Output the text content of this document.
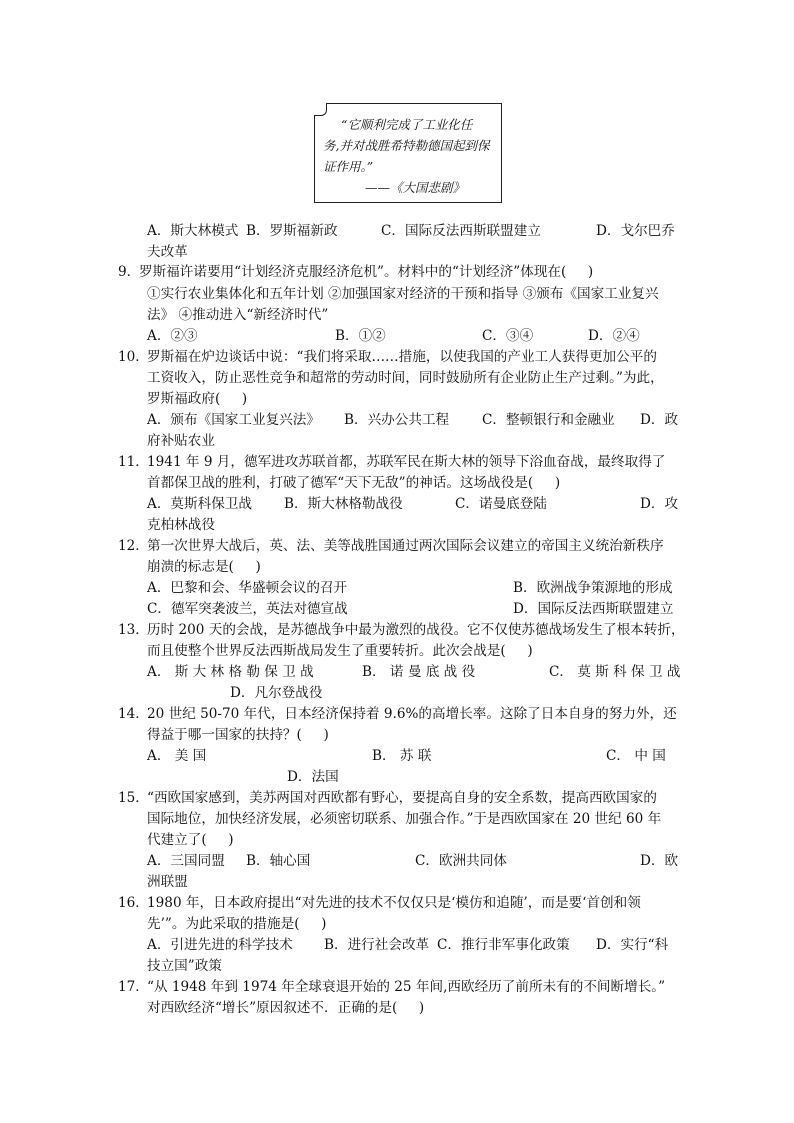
“它顺利完成了工业化任
务,并对战胜希特勒德国起到保
证作用。”
——《大国悲剧》
A．斯大林模式 B．罗斯福新政	C．国际反法西斯联盟建立	D．戈尔巴乔
夫改革
9．
罗斯福许诺要用“计划经济克服经济危机”。材料中的“计划经济”体现在(     )
①实行农业集体化和五年计划 ②加强国家对经济的干预和指导 ③颁布《国家工业复兴
法》 ④推动进入“新经济时代”
A．②③	B．①②	C．③④	D．②④
10．
罗斯福在炉边谈话中说：“我们将采取……措施，以使我国的产业工人获得更加公平的
工资收入，防止恶性竞争和超常的劳动时间，同时鼓励所有企业防止生产过剩。”为此，
罗斯福政府(     )
A．颁布《国家工业复兴法》 B．兴办公共工程 C．整顿银行和金融业 D．政
府补贴农业
11．
1941 年 9 月，德军进攻苏联首都，苏联军民在斯大林的领导下浴血奋战，最终取得了
首都保卫战的胜利，打破了德军“天下无敌”的神话。这场战役是(     )
A．莫斯科保卫战 B．斯大林格勒战役	C．诺曼底登陆	D．攻
克柏林战役
12．
第一次世界大战后，英、法、美等战胜国通过两次国际会议建立的帝国主义统治新秩序
崩溃的标志是(     )
A．巴黎和会、华盛顿会议的召开	B．欧洲战争策源地的形成
C．德军突袭波兰，英法对德宣战	D．国际反法西斯联盟建立
13．
历时 200 天的会战，是苏德战争中最为激烈的战役。它不仅使苏德战场发生了根本转折，
而且使整个世界反法西斯战局发生了重要转折。此次会战是(     )
A． 斯 大 林 格 勒 保 卫 战	B． 诺 曼 底 战 役	C． 莫 斯 科 保 卫 战
D．凡尔登战役
14．
20 世纪 50-70 年代，日本经济保持着 9.6%的高增长率。这除了日本自身的努力外，还
得益于哪一国家的扶持？(     )
A． 美 国	B． 苏 联	C． 中 国
D．法国
15．
“西欧国家感到，美苏两国对西欧都有野心，要提高自身的安全系数，提高西欧国家的
国际地位，加快经济发展，必须密切联系、加强合作。”于是西欧国家在 20 世纪 60 年
代建立了(     )
A．三国同盟 B．轴心国	C．欧洲共同体	D．欧
洲联盟
16．
1980 年，日本政府提出“对先进的技术不仅仅只是‘模仿和追随’，而是要‘首创和领
先’”。为此采取的措施是(     )
A．引进先进的科学技术 B．进行社会改革 C．推行非军事化政策 D．实行“科
技立国”政策
17．
“从 1948 年到 1974 年全球衰退开始的 25 年间,西欧经历了前所未有的不间断增长。”
对西欧经济“增长”原因叙述不．正确的是(     )
